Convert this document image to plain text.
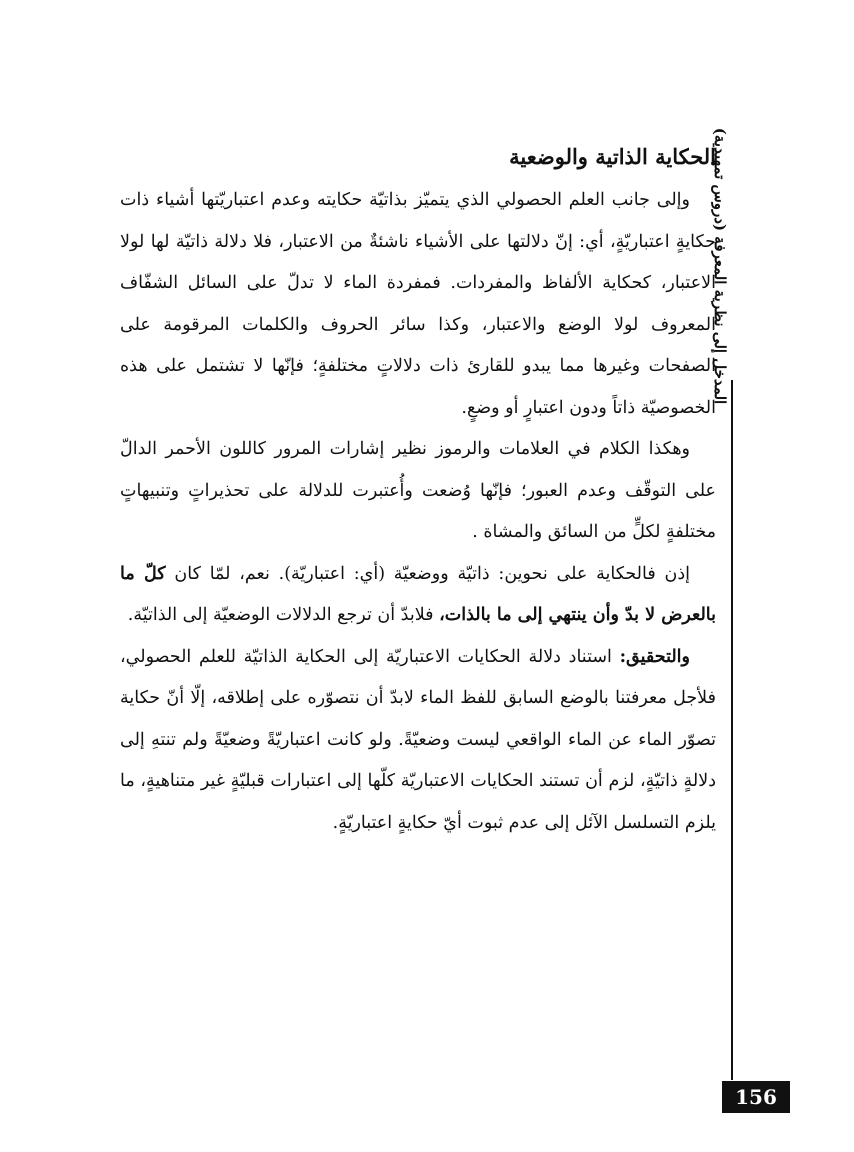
المدخل إلى نظرية المعرفة (دروس تمهيدية)
الحكاية الذاتية والوضعية

وإلى جانب العلم الحصولي الذي يتميّز بذاتيّة حكايته وعدم اعتباريّتها أشياء ذات حكايةٍ اعتباريّةٍ، أي: إنّ دلالتها على الأشياء ناشئةٌ من الاعتبار، فلا دلالة ذاتيّة لها لولا الاعتبار، كحكاية الألفاظ والمفردات. فمفردة الماء لا تدلّ على السائل الشفّاف المعروف لولا الوضع والاعتبار، وكذا سائر الحروف والكلمات المرقومة على الصفحات وغيرها مما يبدو للقارئ ذات دلالاتٍ مختلفةٍ؛ فإنّها لا تشتمل على هذه الخصوصيّة ذاتاً ودون اعتبارٍ أو وضعٍ.

وهكذا الكلام في العلامات والرموز نظير إشارات المرور كاللون الأحمر الدالّ على التوقّف وعدم العبور؛ فإنّها وُضعت وأُعتبرت للدلالة على تحذيراتٍ وتنبيهاتٍ مختلفةٍ لكلٍّ من السائق والمشاة .

إذن فالحكاية على نحوين: ذاتيّة ووضعيّة (أي: اعتباريّة). نعم، لمّا كان كلّ ما بالعرض لا بدّ وأن ينتهي إلى ما بالذات، فلابدّ أن ترجع الدلالات الوضعيّة إلى الذاتيّة.

والتحقيق: استناد دلالة الحكايات الاعتباريّة إلى الحكاية الذاتيّة للعلم الحصولي، فلأجل معرفتنا بالوضع السابق للفظ الماء لابدّ أن نتصوّره على إطلاقه، إلّا أنّ حكاية تصوّر الماء عن الماء الواقعي ليست وضعيّةً. ولو كانت اعتباريّةً وضعيّةً ولم تنتهِ إلى دلالةٍ ذاتيّةٍ، لزم أن تستند الحكايات الاعتباريّة كلّها إلى اعتبارات قبليّةٍ غير متناهيةٍ، ما يلزم التسلسل الآئل إلى عدم ثبوت أيّ حكايةٍ اعتباريّةٍ.

156
